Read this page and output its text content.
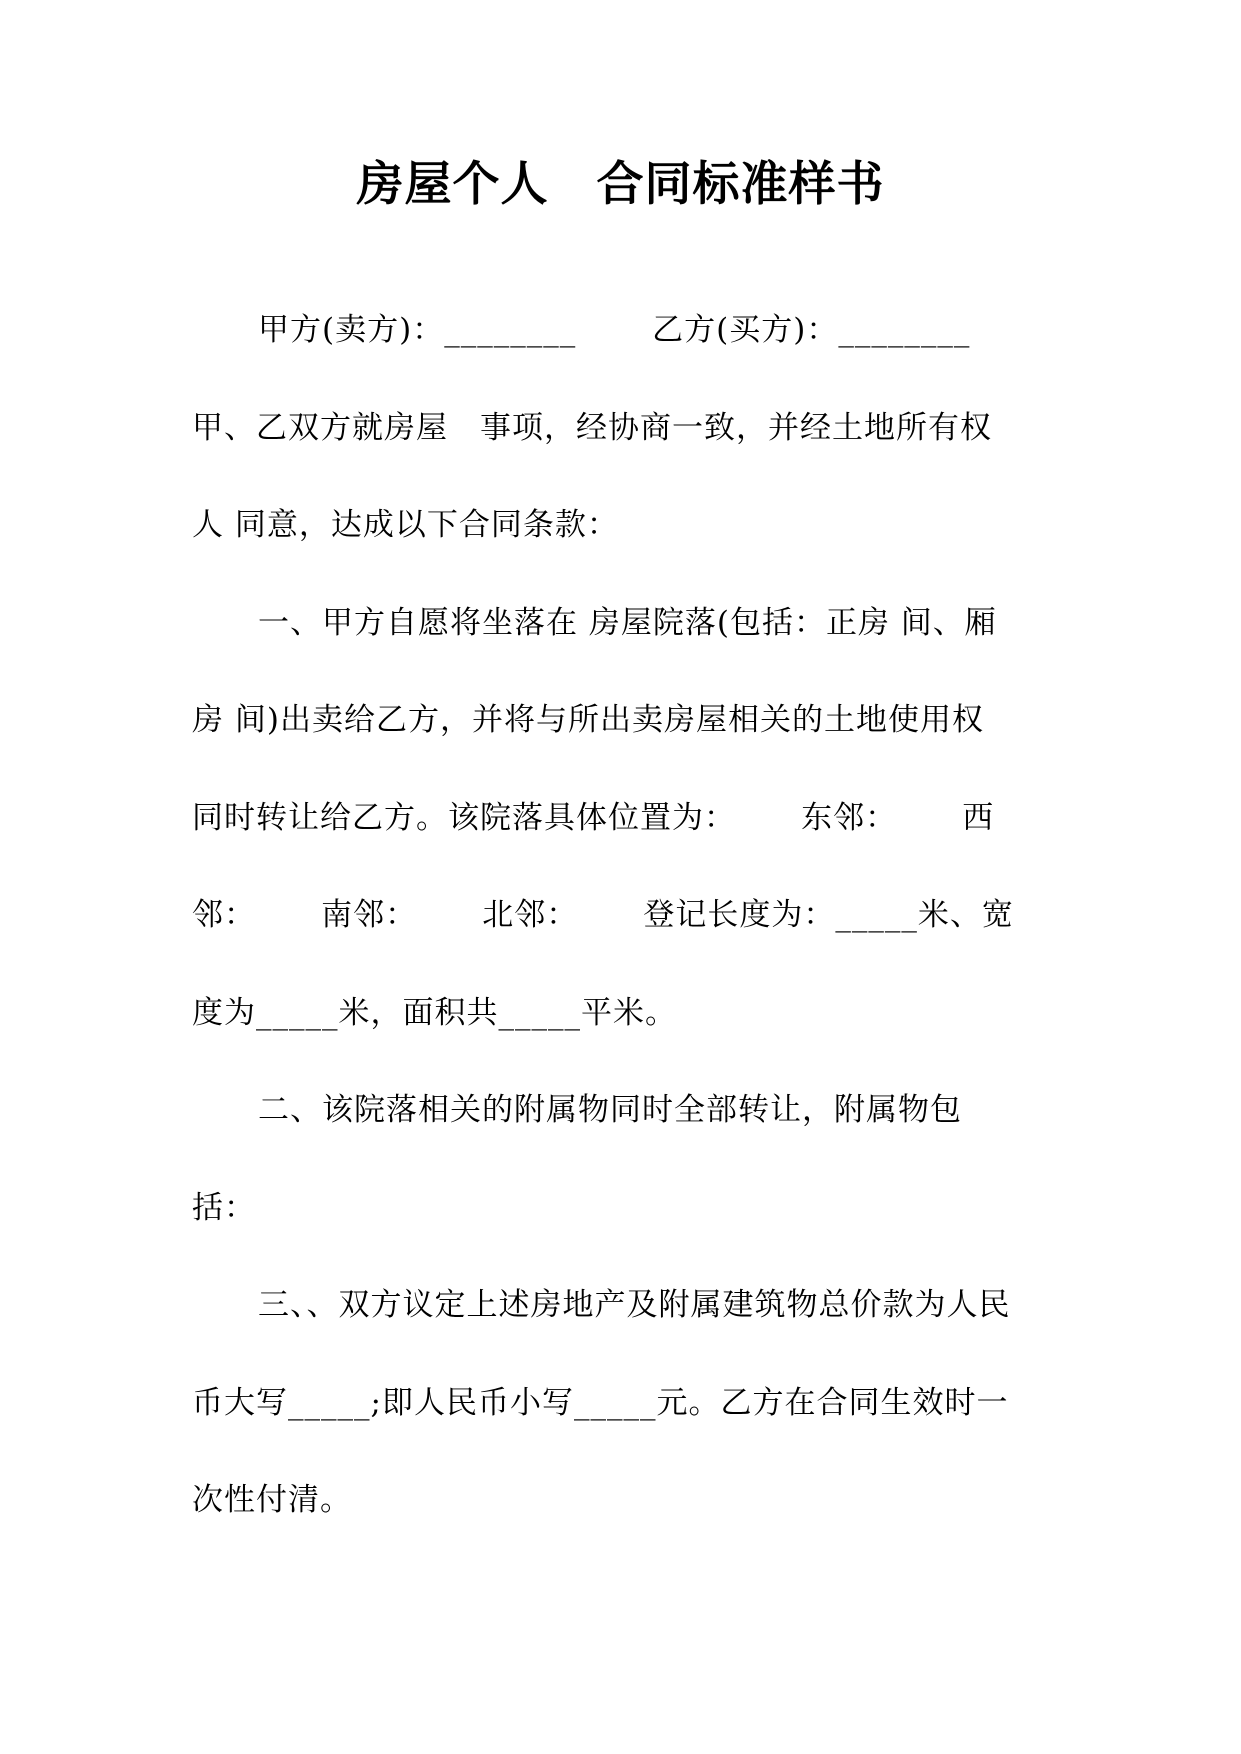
房屋个人　合同标准样书
甲方(卖方)：________       乙方(买方)：________
甲、乙双方就房屋　事项，经协商一致，并经土地所有权
人 同意，达成以下合同条款：
一、甲方自愿将坐落在 房屋院落(包括：正房 间、厢
房 间)出卖给乙方，并将与所出卖房屋相关的土地使用权
同时转让给乙方。该院落具体位置为：      东邻：      西
邻：      南邻：      北邻：      登记长度为：_____米、宽
度为_____米，面积共_____平米。
二、该院落相关的附属物同时全部转让，附属物包
括：
三、、双方议定上述房地产及附属建筑物总价款为人民
币大写_____;即人民币小写_____元。乙方在合同生效时一
次性付清。
